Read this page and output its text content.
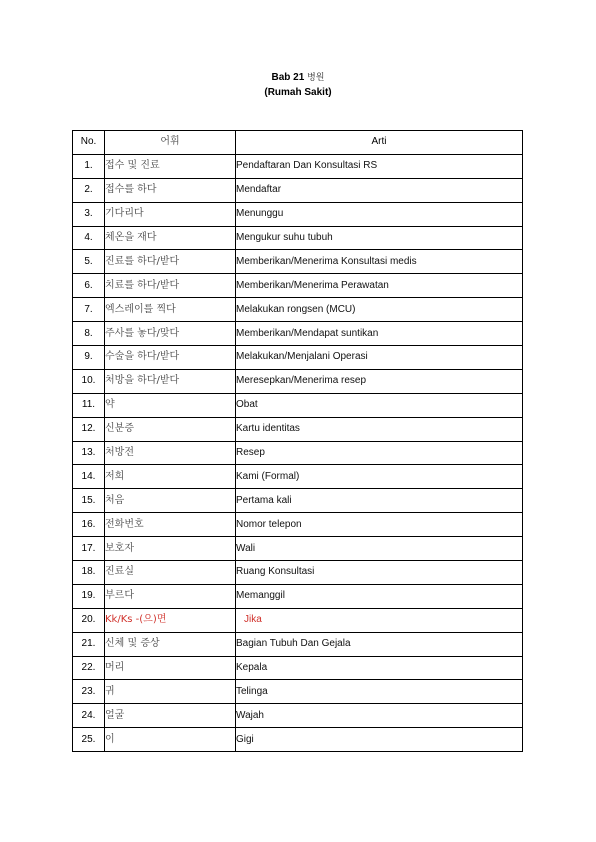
Bab 21 병원
(Rumah Sakit)
No.	어휘	Arti
1.	접수 및 진료	Pendaftaran Dan Konsultasi RS
2.	접수를 하다	Mendaftar
3.	기다리다	Menunggu
4.	체온을 재다	Mengukur suhu tubuh
5.	진료를 하다/받다	Memberikan/Menerima Konsultasi medis
6.	치료를 하다/받다	Memberikan/Menerima Perawatan
7.	엑스레이를 찍다	Melakukan rongsen (MCU)
8.	주사를 놓다/맞다	Memberikan/Mendapat suntikan
9.	수술을 하다/받다	Melakukan/Menjalani Operasi
10.	처방을 하다/받다	Meresepkan/Menerima resep
11.	약	Obat
12.	신분증	Kartu identitas
13.	처방전	Resep
14.	저희	Kami (Formal)
15.	처음	Pertama kali
16.	전화번호	Nomor telepon
17.	보호자	Wali
18.	진료실	Ruang Konsultasi
19.	부르다	Memanggil
20.	Kk/Ks -(으)면	Jika
21.	신체 및 증상	Bagian Tubuh Dan Gejala
22.	머리	Kepala
23.	귀	Telinga
24.	얼굴	Wajah
25.	이	Gigi
